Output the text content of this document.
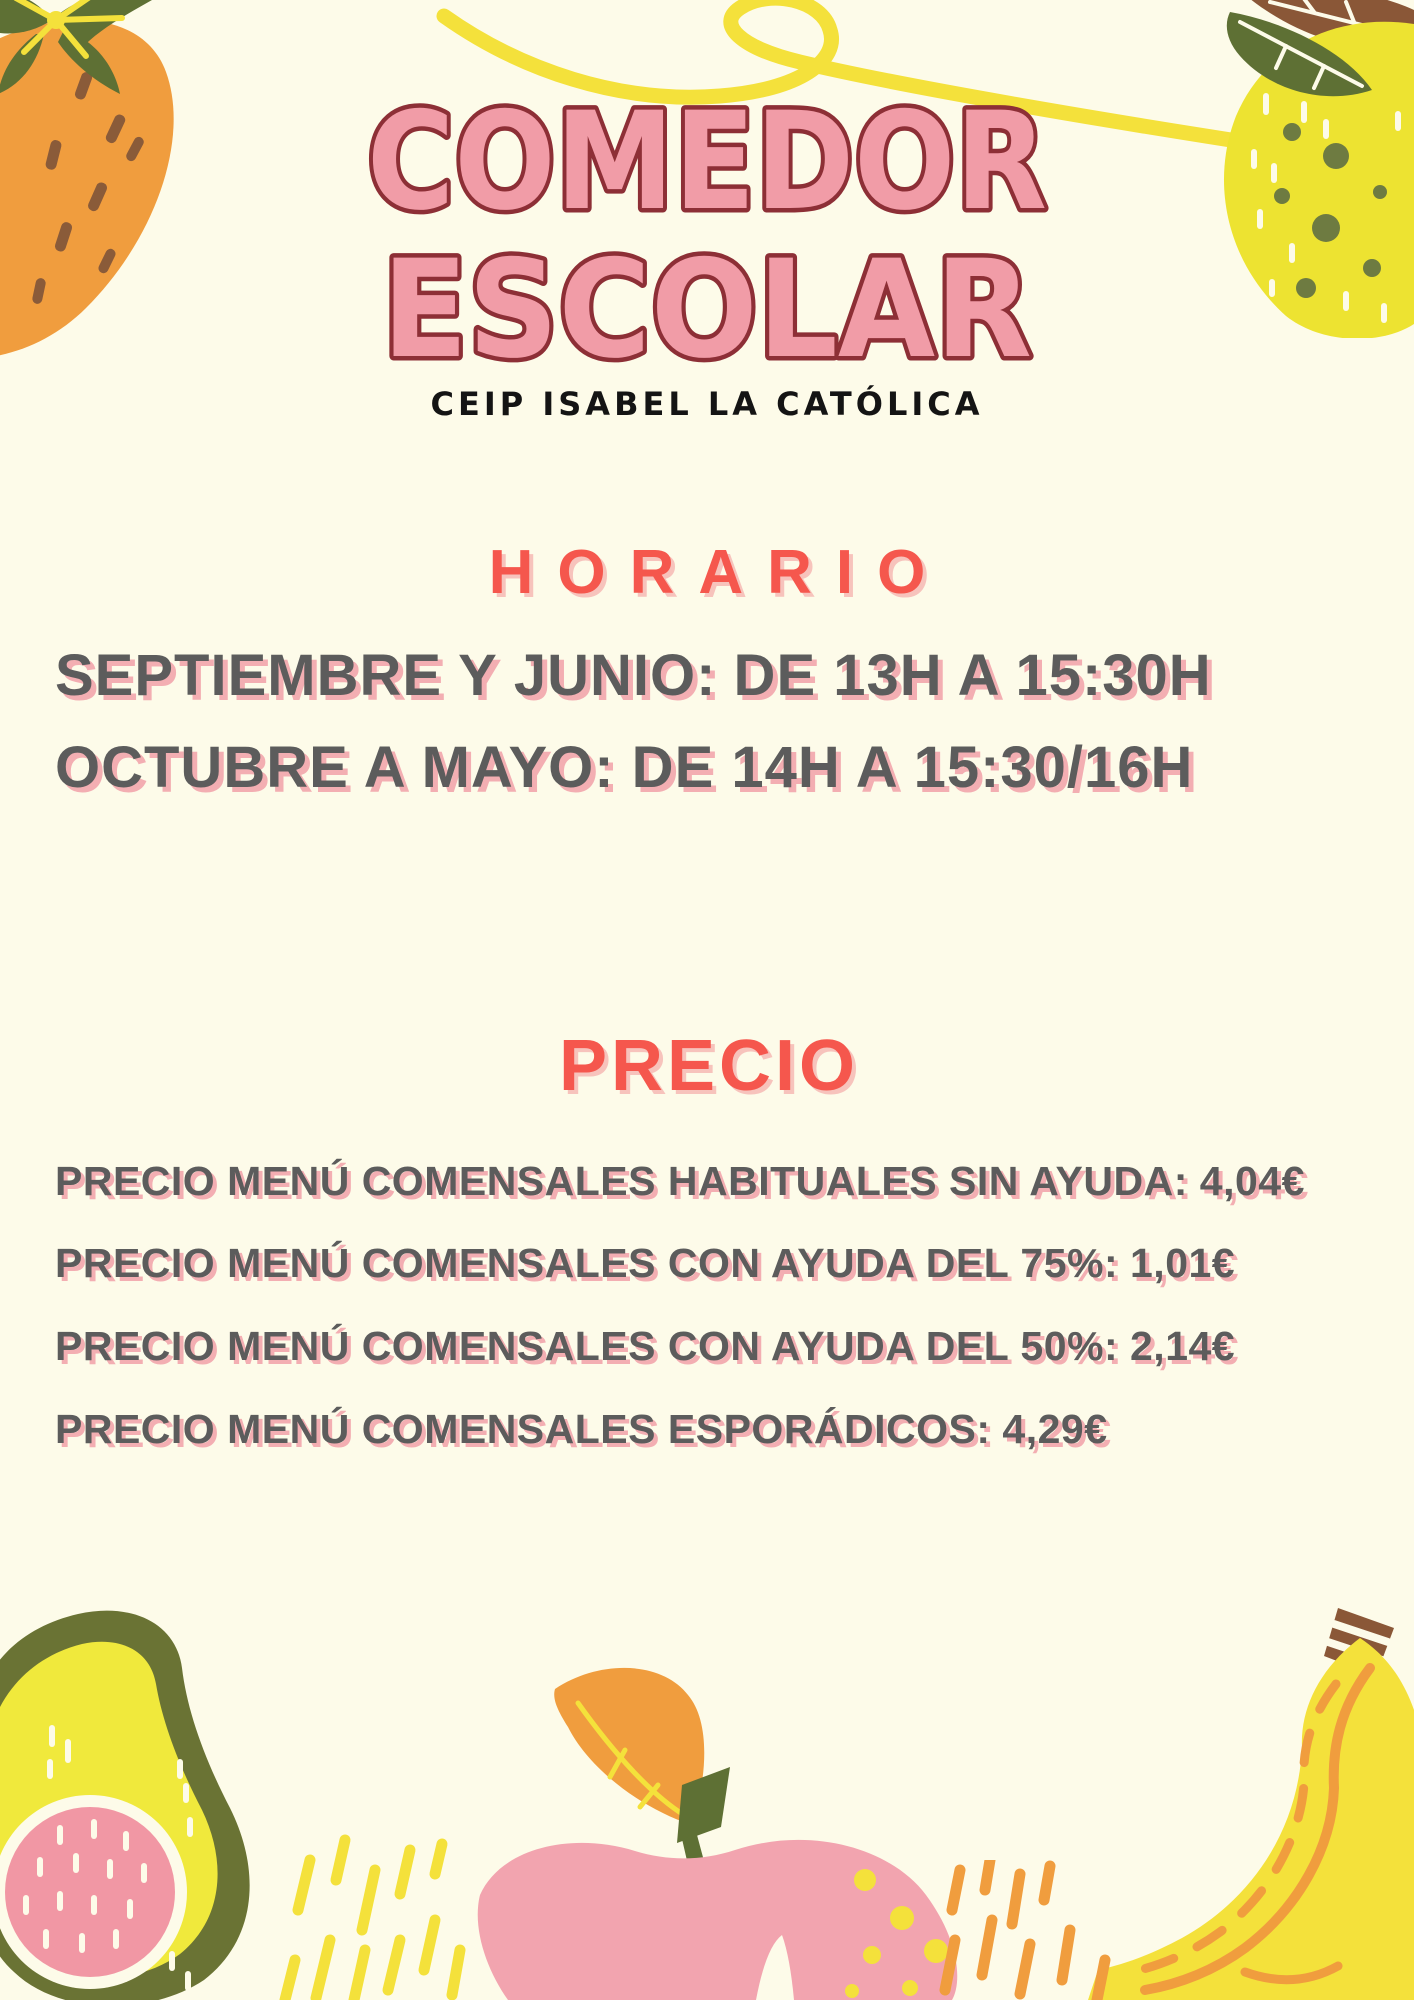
COMEDOR
ESCOLAR
CEIP ISABEL LA CATÓLICA
HORARIO
SEPTIEMBRE Y JUNIO: DE 13H A 15:30H
OCTUBRE A MAYO: DE 14H A 15:30/16H
PRECIO
PRECIO MENÚ COMENSALES HABITUALES SIN AYUDA: 4,04€
PRECIO MENÚ COMENSALES CON AYUDA DEL 75%: 1,01€
PRECIO MENÚ COMENSALES CON AYUDA DEL 50%: 2,14€
PRECIO MENÚ COMENSALES ESPORÁDICOS: 4,29€
